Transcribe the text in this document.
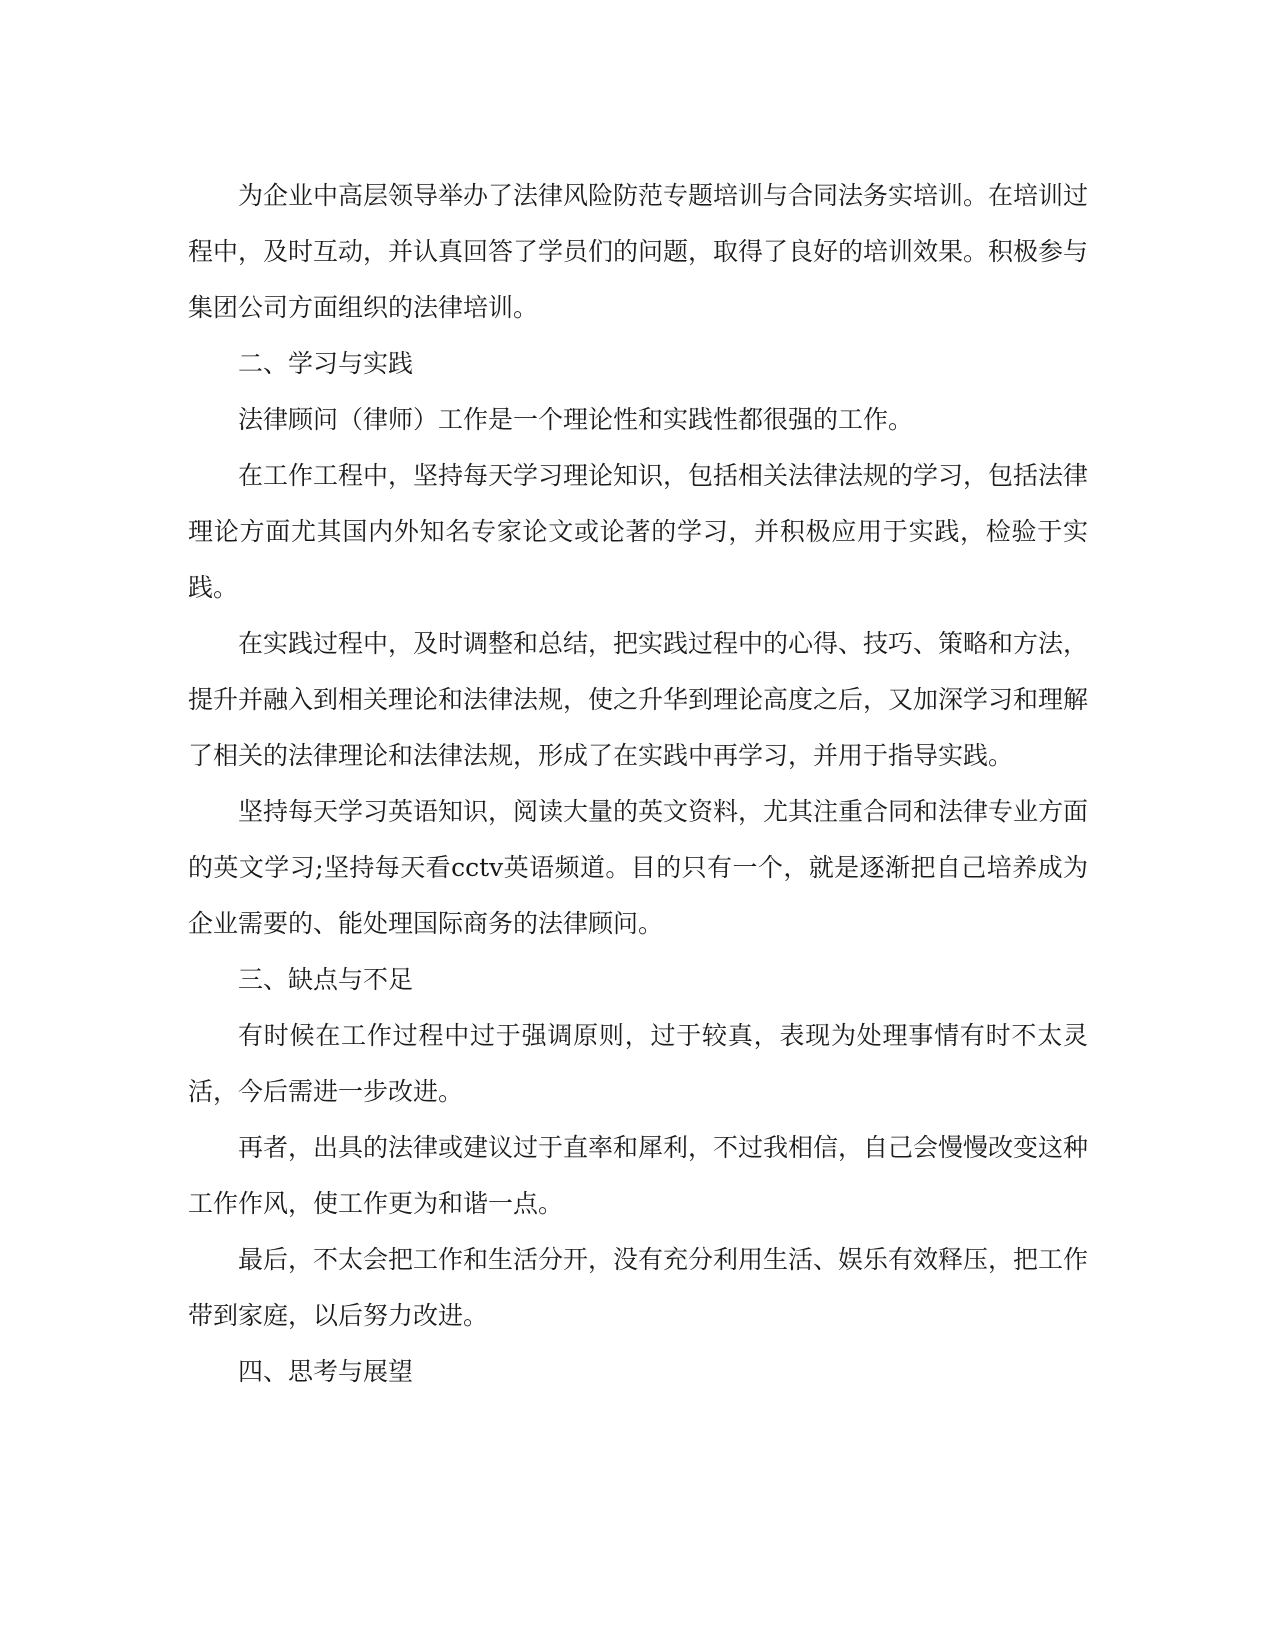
为企业中高层领导举办了法律风险防范专题培训与合同法务实培训。在培训过程中，及时互动，并认真回答了学员们的问题，取得了良好的培训效果。积极参与集团公司方面组织的法律培训。

二、学习与实践

法律顾问（律师）工作是一个理论性和实践性都很强的工作。

在工作工程中，坚持每天学习理论知识，包括相关法律法规的学习，包括法律理论方面尤其国内外知名专家论文或论著的学习，并积极应用于实践，检验于实践。

在实践过程中，及时调整和总结，把实践过程中的心得、技巧、策略和方法，提升并融入到相关理论和法律法规，使之升华到理论高度之后，又加深学习和理解了相关的法律理论和法律法规，形成了在实践中再学习，并用于指导实践。

坚持每天学习英语知识，阅读大量的英文资料，尤其注重合同和法律专业方面的英文学习;坚持每天看cctv英语频道。目的只有一个，就是逐渐把自己培养成为企业需要的、能处理国际商务的法律顾问。

三、缺点与不足

有时候在工作过程中过于强调原则，过于较真，表现为处理事情有时不太灵活，今后需进一步改进。

再者，出具的法律或建议过于直率和犀利，不过我相信，自己会慢慢改变这种工作作风，使工作更为和谐一点。

最后，不太会把工作和生活分开，没有充分利用生活、娱乐有效释压，把工作带到家庭，以后努力改进。

四、思考与展望
